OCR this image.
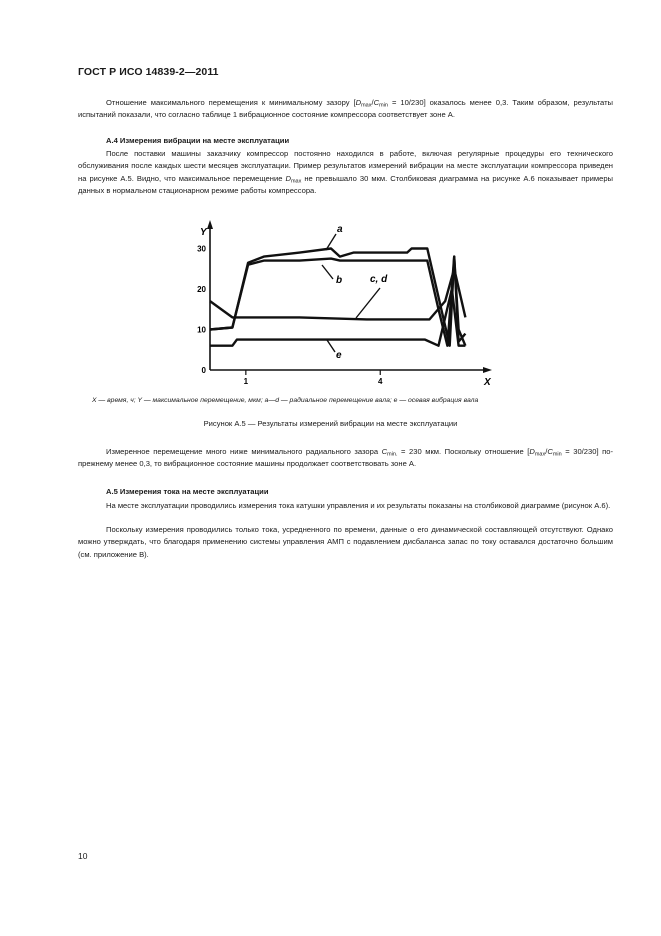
ГОСТ Р ИСО 14839-2—2011

Отношение максимального перемещения к минимальному зазору $[D_{max}/C_{min} = 10/230]$ оказалось менее 0,3. Таким образом, результаты испытаний показали, что согласно таблице 1 вибрационное состояние компрессора соответствует зоне А.

А.4 Измерения вибрации на месте эксплуатации

После поставки машины заказчику компрессор постоянно находился в работе, включая регулярные процедуры его технического обслуживания после каждых шести месяцев эксплуатации. Пример результатов измерений вибрации на месте эксплуатации компрессора приведен на рисунке А.5. Видно, что максимальное перемещение $D_{max}$ не превышало 30 мкм. Столбиковая диаграмма на рисунке А.6 показывает примеры данных в нормальном стационарном режиме работы компрессора.

0
10
20
30
1	4	X
Y	a
b	c, d
e

X — время, ч; Y — максимальное перемещение, мкм; a—d — радиальное перемещение вала; e — осевая вибрация вала

Рисунок А.5 — Результаты измерений вибрации на месте эксплуатации

Измеренное перемещение много ниже минимального радиального зазора $C_{min.} = 230$ мкм. Поскольку отношение $[D_{max}/C_{min} = 30/230]$ по-прежнему менее 0,3, то вибрационное состояние машины продолжает соответствовать зоне А.

А.5 Измерения тока на месте эксплуатации

На месте эксплуатации проводились измерения тока катушки управления и их результаты показаны на столбиковой диаграмме (рисунок А.6).

Поскольку измерения проводились только тока, усредненного по времени, данные о его динамической составляющей отсутствуют. Однако можно утверждать, что благодаря применению системы управления АМП с подавлением дисбаланса запас по току оставался достаточно большим (см. приложение В).

10
